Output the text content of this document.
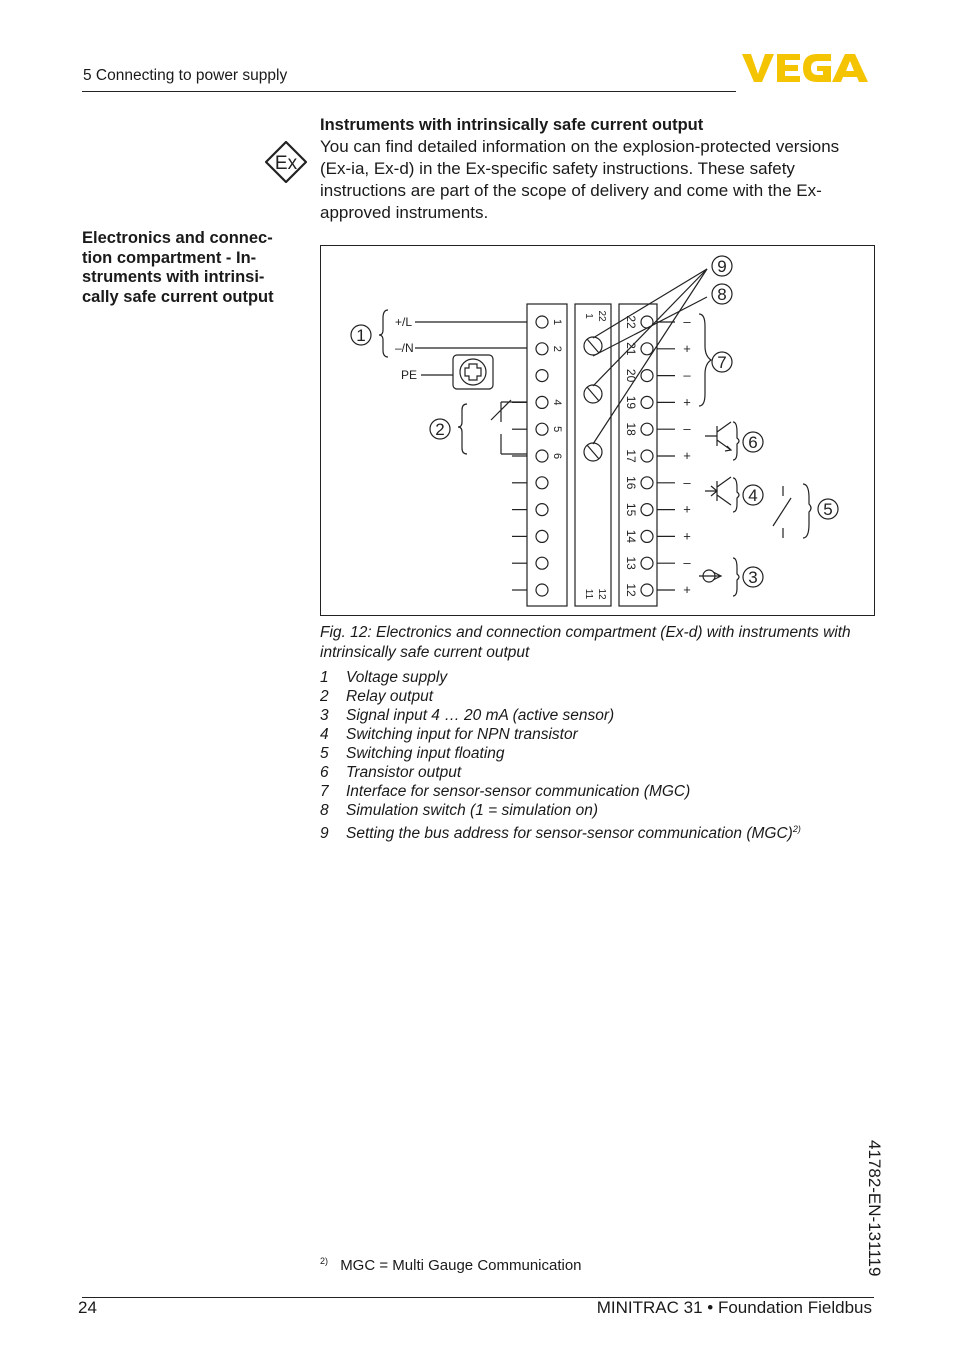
5 Connecting to power supply
Ex
Instruments with intrinsically safe current output
You can find detailed information on the explosion-protected versions
(Ex-ia, Ex-d) in the Ex-specific safety instructions. These safety
instructions are part of the scope of delivery and come with the Ex-
approved instruments.
Electronics and connec-
tion compartment - In-
struments with intrinsi-
cally safe current output
1
2
4
5
6
22	–
21	+
20	–
19	+
18	–
17	+
16	–
15	+
14	+
13	–
12	+
22
1
12
11
+/L
–/N
PE
1
2
3
4
5
6
7
8
9
Fig. 12: Electronics and connection compartment (Ex-d) with instruments with
intrinsically safe current output
1 Voltage supply
2 Relay output
3 Signal input 4 … 20 mA (active sensor)
4 Switching input for NPN transistor
5 Switching input floating
6 Transistor output
7 Interface for sensor-sensor communication (MGC)
8 Simulation switch (1 = simulation on)
9 Setting the bus address for sensor-sensor communication (MGC)$^{2)}$
$^{2)}$ MGC = Multi Gauge Communication
24	MINITRAC 31 • Foundation Fieldbus
41782-EN-131119
